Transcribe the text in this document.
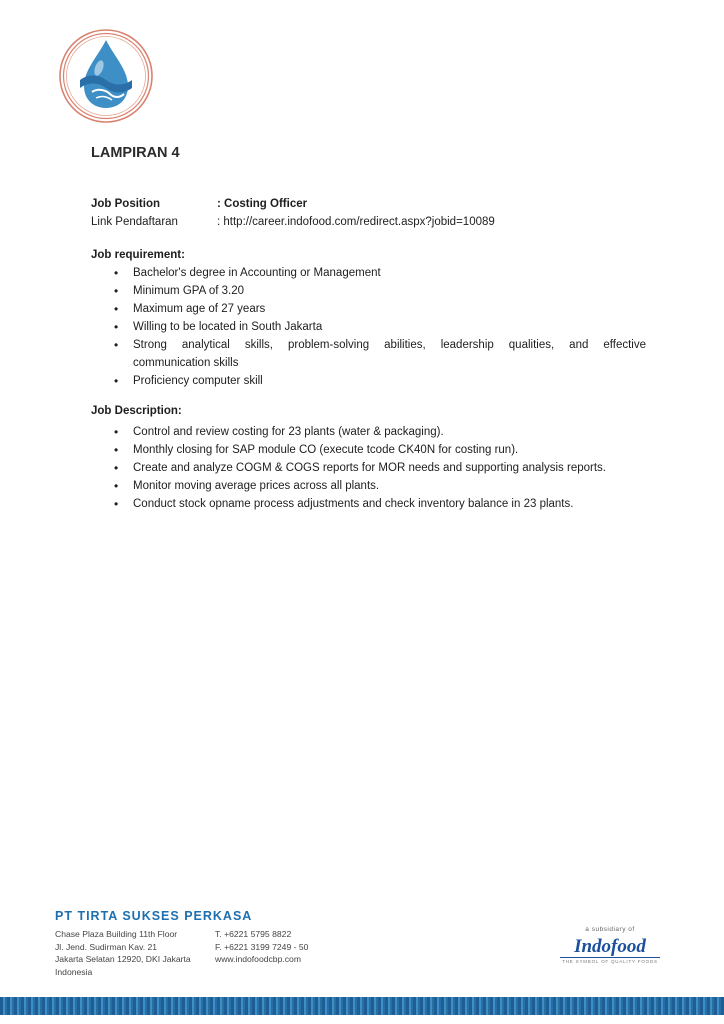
LAMPIRAN 4
Job Position	: Costing Officer
Link Pendaftaran	: http://career.indofood.com/redirect.aspx?jobid=10089
Job requirement:
• Bachelor's degree in Accounting or Management
• Minimum GPA of 3.20
• Maximum age of 27 years
• Willing to be located in South Jakarta
• Strong analytical skills, problem-solving abilities, leadership qualities, and effective
communication skills
• Proficiency computer skill
Job Description:
• Control and review costing for 23 plants (water & packaging).
• Monthly closing for SAP module CO (execute tcode CK40N for costing run).
• Create and analyze COGM & COGS reports for MOR needs and supporting analysis reports.
• Monitor moving average prices across all plants.
• Conduct stock opname process adjustments and check inventory balance in 23 plants.
PT TIRTA SUKSES PERKASA
Chase Plaza Building 11th Floor
Jl. Jend. Sudirman Kav. 21
Jakarta Selatan 12920, DKI Jakarta
Indonesia
T. +6221 5795 8822
F. +6221 3199 7249 - 50
www.indofoodcbp.com
a subsidiary of
Indofood
THE SYMBOL OF QUALITY FOODS
